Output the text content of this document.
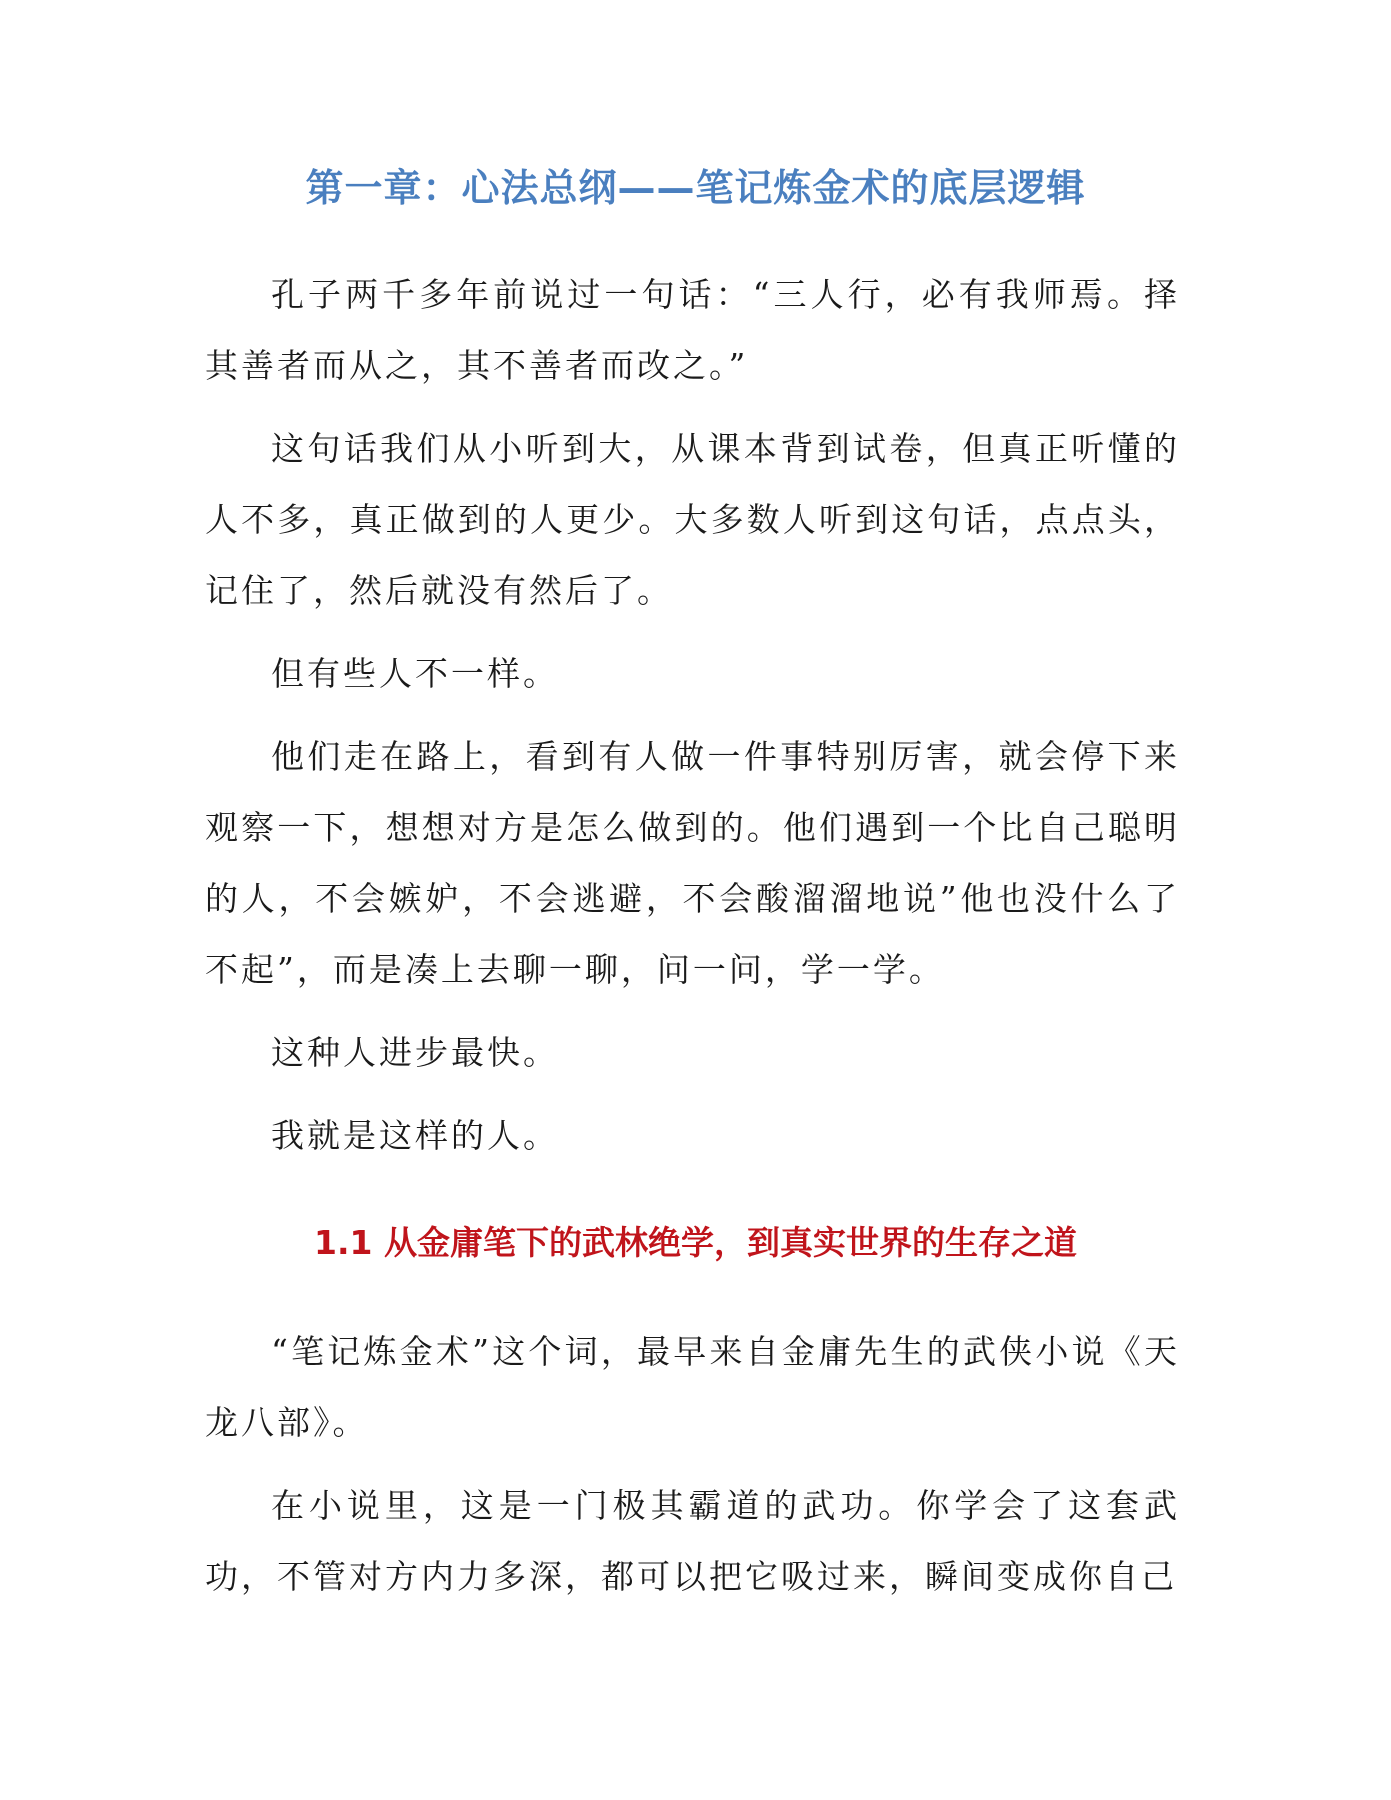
第一章：心法总纲——笔记炼金术的底层逻辑

孔子两千多年前说过一句话：“三人行，必有我师焉。择其善者而从之，其不善者而改之。”

这句话我们从小听到大，从课本背到试卷，但真正听懂的人不多，真正做到的人更少。大多数人听到这句话，点点头，记住了，然后就没有然后了。

但有些人不一样。

他们走在路上，看到有人做一件事特别厉害，就会停下来观察一下，想想对方是怎么做到的。他们遇到一个比自己聪明的人，不会嫉妒，不会逃避，不会酸溜溜地说”他也没什么了不起”，而是凑上去聊一聊，问一问，学一学。

这种人进步最快。

我就是这样的人。

1.1 从金庸笔下的武林绝学，到真实世界的生存之道

“笔记炼金术”这个词，最早来自金庸先生的武侠小说《天龙八部》。

在小说里，这是一门极其霸道的武功。你学会了这套武功，不管对方内力多深，都可以把它吸过来，瞬间变成你自己
